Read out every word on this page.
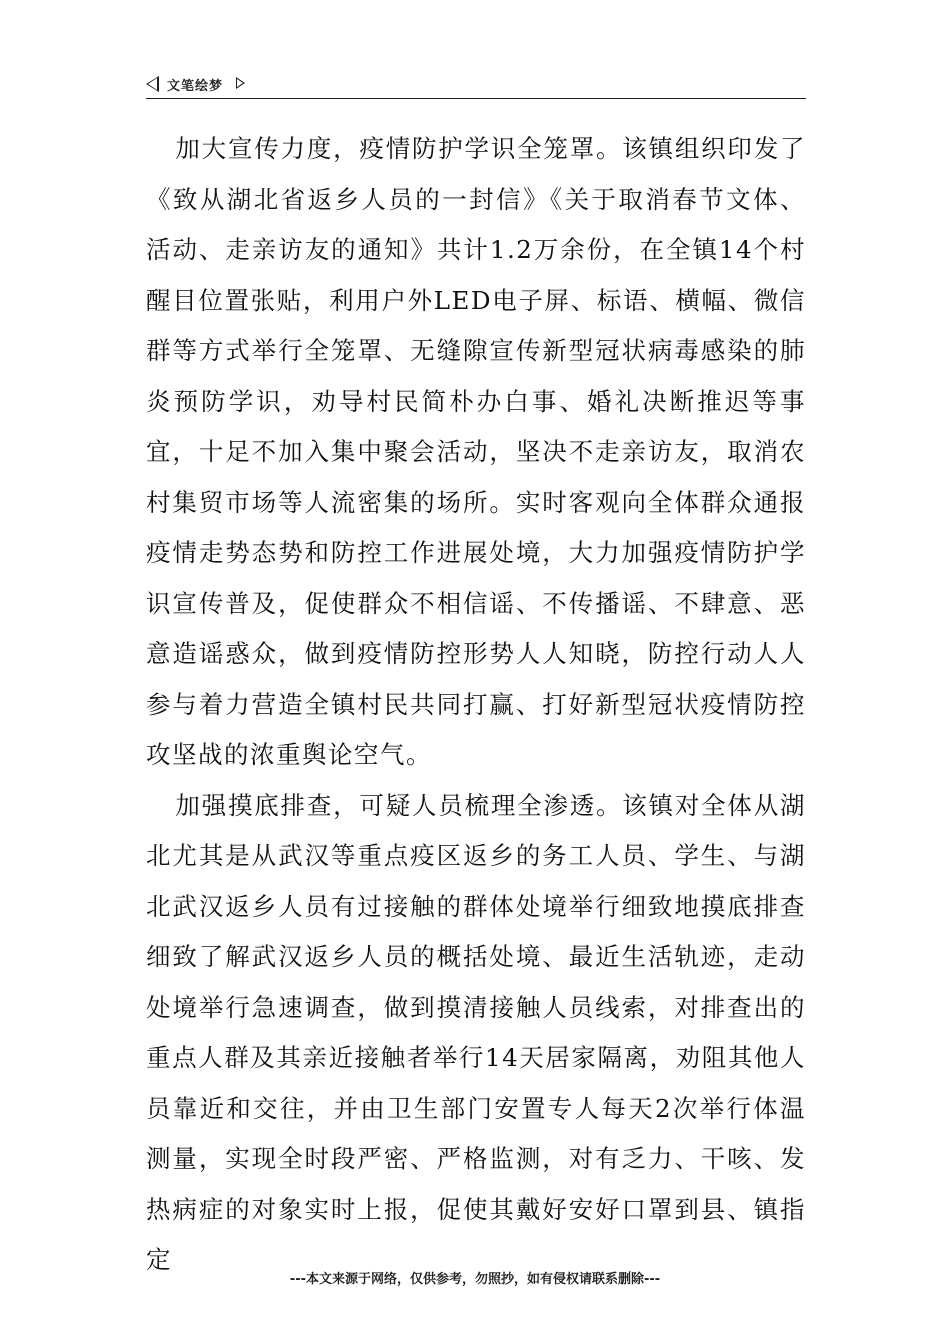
文笔绘梦

加大宣传力度，疫情防护学识全笼罩。该镇组织印发了《致从湖北省返乡人员的一封信》《关于取消春节文体、活动、走亲访友的通知》共计1.2万余份，在全镇14个村醒目位置张贴，利用户外LED电子屏、标语、横幅、微信群等方式举行全笼罩、无缝隙宣传新型冠状病毒感染的肺炎预防学识，劝导村民简朴办白事、婚礼决断推迟等事宜，十足不加入集中聚会活动，坚决不走亲访友，取消农村集贸市场等人流密集的场所。实时客观向全体群众通报疫情走势态势和防控工作进展处境，大力加强疫情防护学识宣传普及，促使群众不相信谣、不传播谣、不肆意、恶意造谣惑众，做到疫情防控形势人人知晓，防控行动人人参与着力营造全镇村民共同打赢、打好新型冠状疫情防控攻坚战的浓重舆论空气。

加强摸底排查，可疑人员梳理全渗透。该镇对全体从湖北尤其是从武汉等重点疫区返乡的务工人员、学生、与湖北武汉返乡人员有过接触的群体处境举行细致地摸底排查细致了解武汉返乡人员的概括处境、最近生活轨迹，走动处境举行急速调查，做到摸清接触人员线索，对排查出的重点人群及其亲近接触者举行14天居家隔离，劝阻其他人员靠近和交往，并由卫生部门安置专人每天2次举行体温测量，实现全时段严密、严格监测，对有乏力、干咳、发热病症的对象实时上报，促使其戴好安好口罩到县、镇指定

---本文来源于网络，仅供参考，勿照抄，如有侵权请联系删除---
